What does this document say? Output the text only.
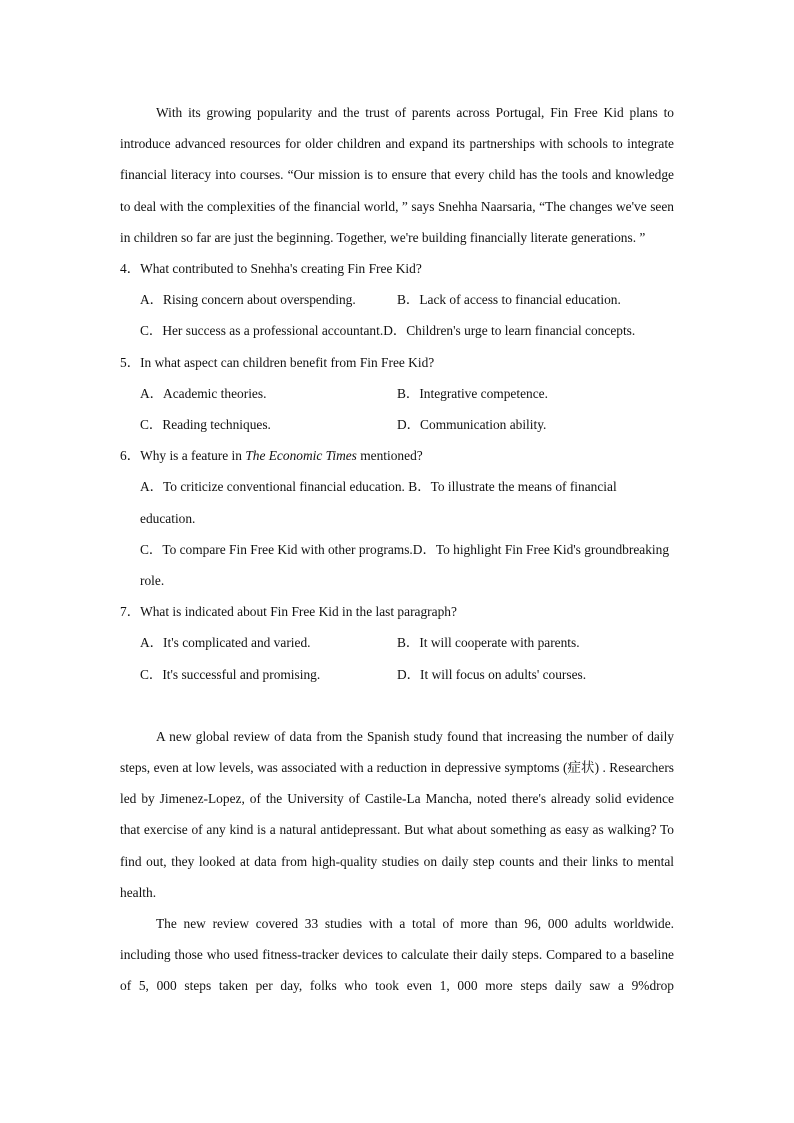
With its growing popularity and the trust of parents across Portugal, Fin Free Kid plans to introduce advanced resources for older children and expand its partnerships with schools to integrate financial literacy into courses. “Our mission is to ensure that every child has the tools and knowledge to deal with the complexities of the financial world, ” says Snehha Naarsaria, “The changes we've seen in children so far are just the beginning. Together, we're building financially literate generations. ”

4．What contributed to Snehha's creating Fin Free Kid?

A．Rising concern about overspending.	B．Lack of access to financial education.
C．Her success as a professional accountant. D．Children's urge to learn financial concepts.

5．In what aspect can children benefit from Fin Free Kid?

A．Academic theories.	B．Integrative competence.
C．Reading techniques.	D．Communication ability.

6．Why is a feature in The Economic Times mentioned?

A．To criticize conventional financial education. B．To illustrate the means of financial education.

C．To compare Fin Free Kid with other programs.D．To highlight Fin Free Kid's groundbreaking role.

7．What is indicated about Fin Free Kid in the last paragraph?

A．It's complicated and varied.	B．It will cooperate with parents.
C．It's successful and promising.	D．It will focus on adults' courses.

A new global review of data from the Spanish study found that increasing the number of daily steps, even at low levels, was associated with a reduction in depressive symptoms (症状) . Researchers led by Jimenez-Lopez, of the University of Castile-La Mancha, noted there's already solid evidence that exercise of any kind is a natural antidepressant. But what about something as easy as walking? To find out, they looked at data from high-quality studies on daily step counts and their links to mental health.

The new review covered 33 studies with a total of more than 96, 000 adults worldwide. including those who used fitness-tracker devices to calculate their daily steps. Compared to a baseline of 5, 000 steps taken per day, folks who took even 1, 000 more steps daily saw a 9%drop
